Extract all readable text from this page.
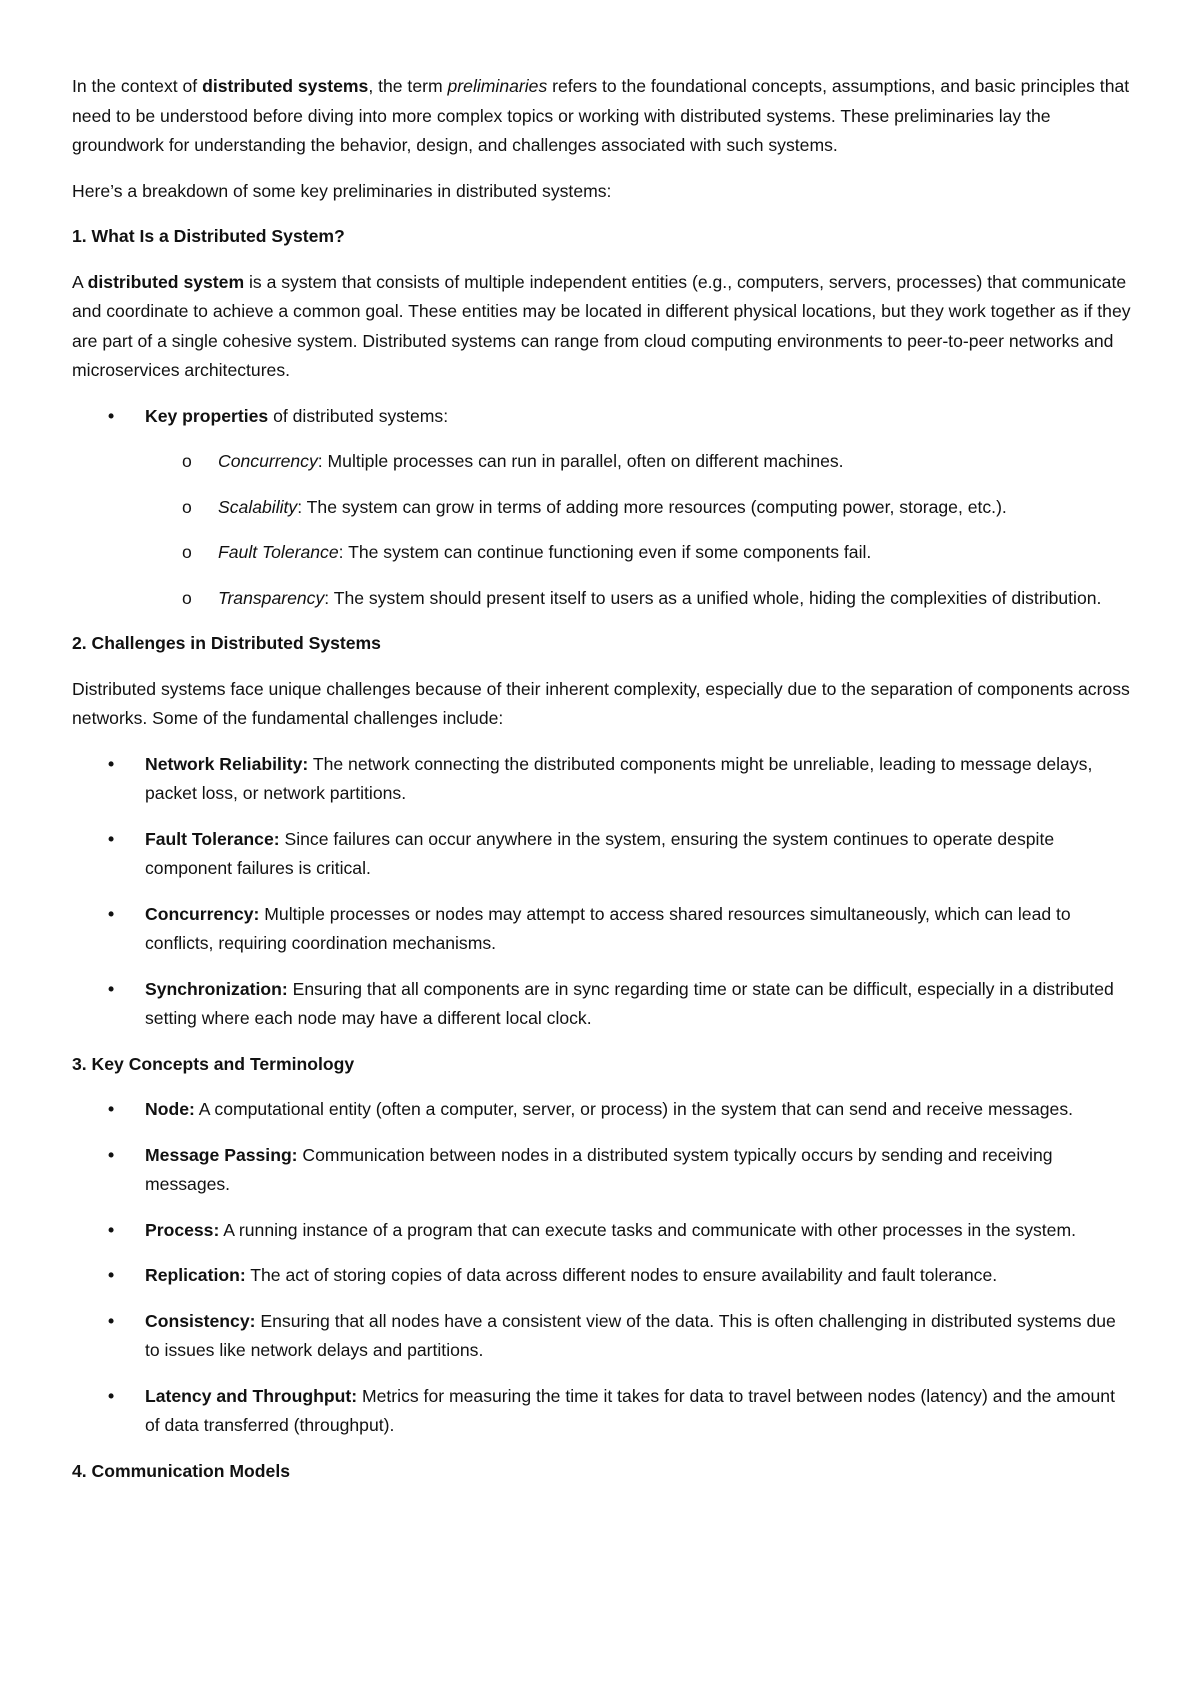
In the context of distributed systems, the term preliminaries refers to the foundational concepts, assumptions, and basic principles that need to be understood before diving into more complex topics or working with distributed systems. These preliminaries lay the groundwork for understanding the behavior, design, and challenges associated with such systems.

Here’s a breakdown of some key preliminaries in distributed systems:

1. What Is a Distributed System?

A distributed system is a system that consists of multiple independent entities (e.g., computers, servers, processes) that communicate and coordinate to achieve a common goal. These entities may be located in different physical locations, but they work together as if they are part of a single cohesive system. Distributed systems can range from cloud computing environments to peer-to-peer networks and microservices architectures.

• Key properties of distributed systems:
o Concurrency: Multiple processes can run in parallel, often on different machines.
o Scalability: The system can grow in terms of adding more resources (computing power, storage, etc.).
o Fault Tolerance: The system can continue functioning even if some components fail.
o Transparency: The system should present itself to users as a unified whole, hiding the complexities of distribution.
2. Challenges in Distributed Systems

Distributed systems face unique challenges because of their inherent complexity, especially due to the separation of components across networks. Some of the fundamental challenges include:

• Network Reliability: The network connecting the distributed components might be unreliable, leading to message delays, packet loss, or network partitions.
• Fault Tolerance: Since failures can occur anywhere in the system, ensuring the system continues to operate despite component failures is critical.
• Concurrency: Multiple processes or nodes may attempt to access shared resources simultaneously, which can lead to conflicts, requiring coordination mechanisms.
• Synchronization: Ensuring that all components are in sync regarding time or state can be difficult, especially in a distributed setting where each node may have a different local clock.
3. Key Concepts and Terminology
• Node: A computational entity (often a computer, server, or process) in the system that can send and receive messages.
• Message Passing: Communication between nodes in a distributed system typically occurs by sending and receiving messages.
• Process: A running instance of a program that can execute tasks and communicate with other processes in the system.
• Replication: The act of storing copies of data across different nodes to ensure availability and fault tolerance.
• Consistency: Ensuring that all nodes have a consistent view of the data. This is often challenging in distributed systems due to issues like network delays and partitions.
• Latency and Throughput: Metrics for measuring the time it takes for data to travel between nodes (latency) and the amount of data transferred (throughput).
4. Communication Models
